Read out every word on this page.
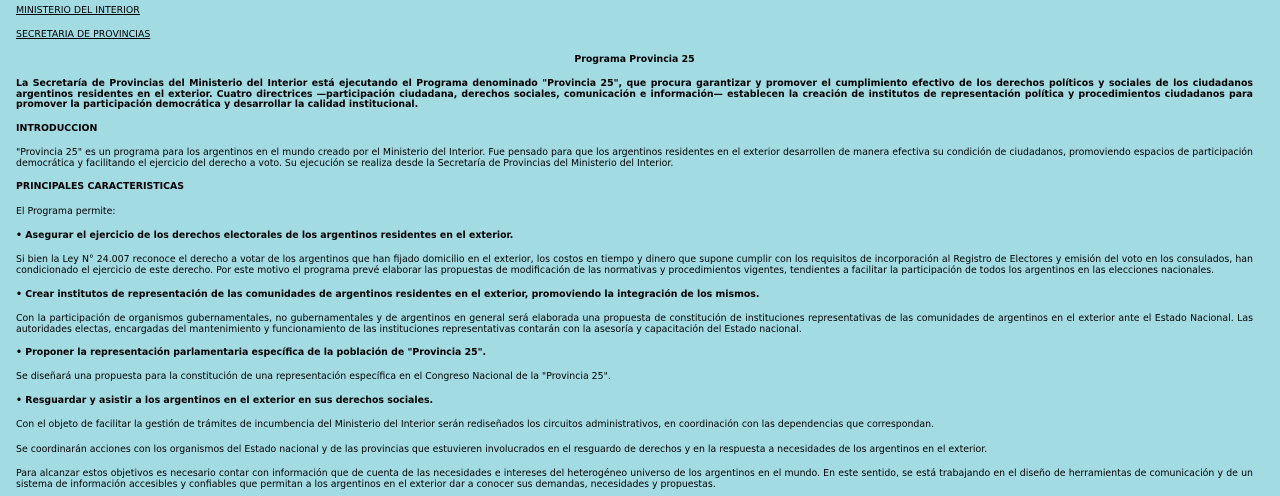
MINISTERIO DEL INTERIOR
SECRETARIA DE PROVINCIAS

Programa Provincia 25

La Secretaría de Provincias del Ministerio del Interior está ejecutando el Programa denominado "Provincia 25", que procura garantizar y promover el cumplimiento efectivo de los derechos políticos y sociales de los ciudadanos argentinos residentes en el exterior. Cuatro directrices —participación ciudadana, derechos sociales, comunicación e información— establecen la creación de institutos de representación política y procedimientos ciudadanos para promover la participación democrática y desarrollar la calidad institucional.

INTRODUCCION

"Provincia 25" es un programa para los argentinos en el mundo creado por el Ministerio del Interior. Fue pensado para que los argentinos residentes en el exterior desarrollen de manera efectiva su condición de ciudadanos, promoviendo espacios de participación democrática y facilitando el ejercicio del derecho a voto. Su ejecución se realiza desde la Secretaría de Provincias del Ministerio del Interior.

PRINCIPALES CARACTERISTICAS

El Programa permite:

• Asegurar el ejercicio de los derechos electorales de los argentinos residentes en el exterior.

Si bien la Ley N° 24.007 reconoce el derecho a votar de los argentinos que han fijado domicilio en el exterior, los costos en tiempo y dinero que supone cumplir con los requisitos de incorporación al Registro de Electores y emisión del voto en los consulados, han condicionado el ejercicio de este derecho. Por este motivo el programa prevé elaborar las propuestas de modificación de las normativas y procedimientos vigentes, tendientes a facilitar la participación de todos los argentinos en las elecciones nacionales.

• Crear institutos de representación de las comunidades de argentinos residentes en el exterior, promoviendo la integración de los mismos.

Con la participación de organismos gubernamentales, no gubernamentales y de argentinos en general será elaborada una propuesta de constitución de instituciones representativas de las comunidades de argentinos en el exterior ante el Estado Nacional. Las autoridades electas, encargadas del mantenimiento y funcionamiento de las instituciones representativas contarán con la asesoría y capacitación del Estado nacional.

• Proponer la representación parlamentaria específica de la población de "Provincia 25".

Se diseñará una propuesta para la constitución de una representación específica en el Congreso Nacional de la "Provincia 25".

• Resguardar y asistir a los argentinos en el exterior en sus derechos sociales.

Con el objeto de facilitar la gestión de trámites de incumbencia del Ministerio del Interior serán rediseñados los circuitos administrativos, en coordinación con las dependencias que correspondan.

Se coordinarán acciones con los organismos del Estado nacional y de las provincias que estuvieren involucrados en el resguardo de derechos y en la respuesta a necesidades de los argentinos en el exterior.

Para alcanzar estos objetivos es necesario contar con información que de cuenta de las necesidades e intereses del heterogéneo universo de los argentinos en el mundo. En este sentido, se está trabajando en el diseño de herramientas de comunicación y de un sistema de información accesibles y confiables que permitan a los argentinos en el exterior dar a conocer sus demandas, necesidades y propuestas.
